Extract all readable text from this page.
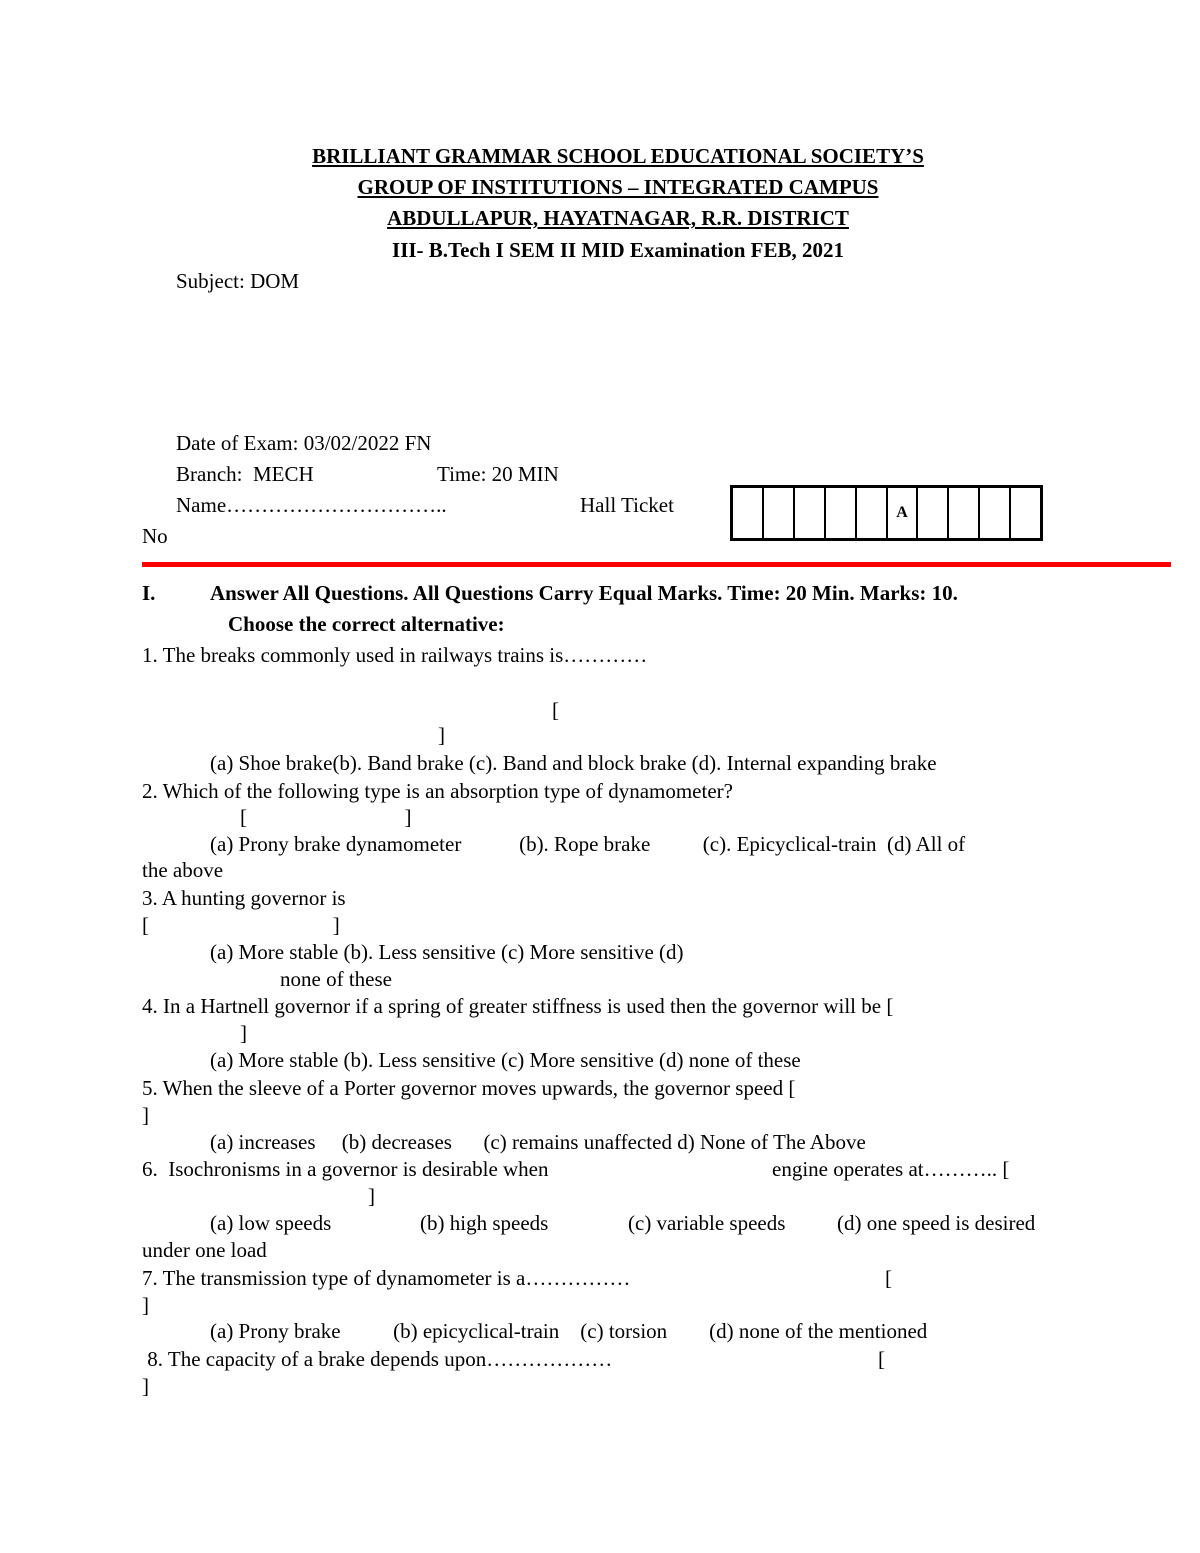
BRILLIANT GRAMMAR SCHOOL EDUCATIONAL SOCIETY’S
GROUP OF INSTITUTIONS – INTEGRATED CAMPUS
ABDULLAPUR, HAYATNAGAR, R.R. DISTRICT
III- B.Tech I SEM II MID Examination FEB, 2021
Subject: DOM
Date of Exam: 03/02/2022 FN
Branch:  MECH	Time: 20 MIN
Name…………………………..	Hall Ticket
No
A
I.	Answer All Questions. All Questions Carry Equal Marks. Time: 20 Min. Marks: 10.
Choose the correct alternative:
1. The breaks commonly used in railways trains is…………
[
]
(a) Shoe brake(b). Band brake (c). Band and block brake (d). Internal expanding brake
2. Which of the following type is an absorption type of dynamometer?
[                              ]
(a) Prony brake dynamometer           (b). Rope brake          (c). Epicyclical-train  (d) All of
the above
3. A hunting governor is
[                                   ]
(a) More stable (b). Less sensitive (c) More sensitive (d)
none of these
4. In a Hartnell governor if a spring of greater stiffness is used then the governor will be [
]
(a) More stable (b). Less sensitive (c) More sensitive (d) none of these
5. When the sleeve of a Porter governor moves upwards, the governor speed [
]
(a) increases     (b) decreases      (c) remains unaffected d) None of The Above
6.  Isochronisms in a governor is desirable when	engine operates at……….. [
]
(a) low speeds	(b) high speeds	(c) variable speeds (d) one speed is desired
under one load
7. The transmission type of dynamometer is a……………	[
]
(a) Prony brake          (b) epicyclical-train    (c) torsion        (d) none of the mentioned
8. The capacity of a brake depends upon………………	[
]
